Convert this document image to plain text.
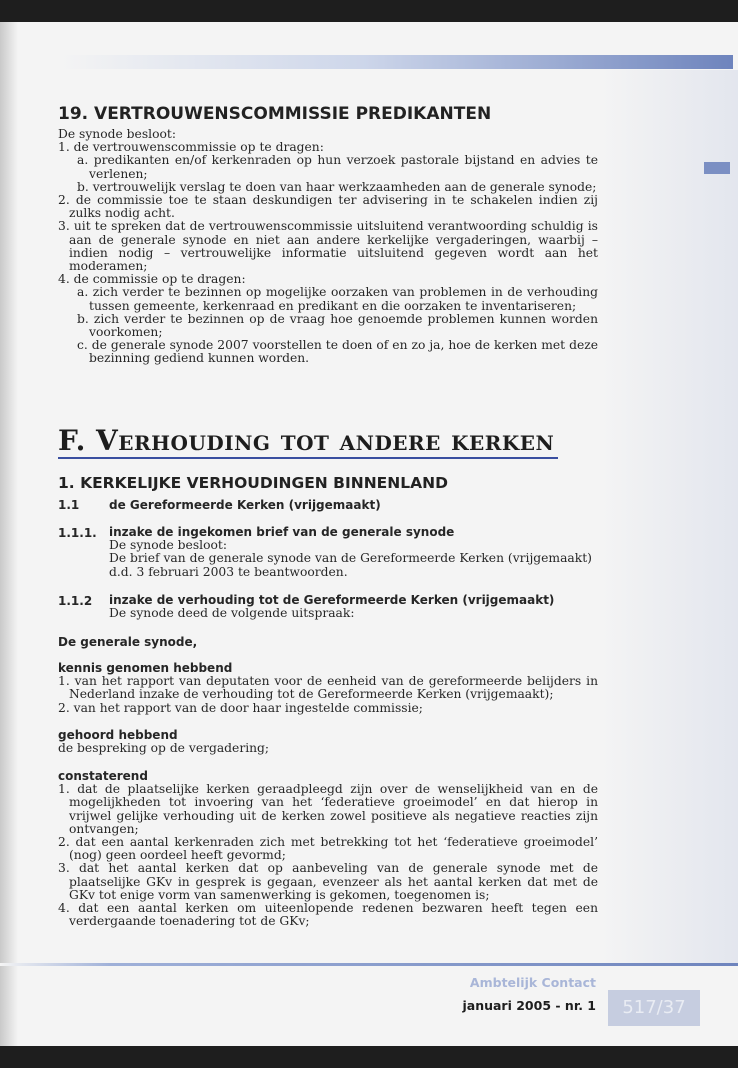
19. VERTROUWENSCOMMISSIE PREDIKANTEN

De synode besloot:

1. de vertrouwenscommissie op te dragen:

a. predikanten en/of kerkenraden op hun verzoek pastorale bijstand en advies te verlenen;

b. vertrouwelijk verslag te doen van haar werkzaamheden aan de generale synode;

2. de commissie toe te staan deskundigen ter advisering in te schakelen indien zij zulks nodig acht.

3. uit te spreken dat de vertrouwenscommissie uitsluitend verantwoording schuldig is aan de generale synode en niet aan andere kerkelijke vergaderingen, waarbij – indien nodig – vertrouwelijke informatie uitsluitend gegeven wordt aan het moderamen;

4. de commissie op te dragen:

a. zich verder te bezinnen op mogelijke oorzaken van problemen in de verhouding tussen gemeente, kerkenraad en predikant en die oorzaken te inventariseren;

b. zich verder te bezinnen op de vraag hoe genoemde problemen kunnen worden voorkomen;

c. de generale synode 2007 voorstellen te doen of en zo ja, hoe de kerken met deze bezinning gediend kunnen worden.

F. Verhouding tot andere kerken
1. KERKELIJKE VERHOUDINGEN BINNENLAND
1.1 de Gereformeerde Kerken (vrijgemaakt)
1.1.1. inzake de ingekomen brief van de generale synode

De synode besloot:

De brief van de generale synode van de Gereformeerde Kerken (vrijgemaakt) d.d. 3 februari 2003 te beantwoorden.

1.1.2 inzake de verhouding tot de Gereformeerde Kerken (vrijgemaakt)

De synode deed de volgende uitspraak:

De generale synode,

kennis genomen hebbend

1. van het rapport van deputaten voor de eenheid van de gereformeerde belijders in Nederland inzake de verhouding tot de Gereformeerde Kerken (vrijgemaakt);

2. van het rapport van de door haar ingestelde commissie;

gehoord hebbend

de bespreking op de vergadering;

constaterend

1. dat de plaatselijke kerken geraadpleegd zijn over de wenselijkheid van en de mogelijkheden tot invoering van het ‘federatieve groeimodel’ en dat hierop in vrijwel gelijke verhouding uit de kerken zowel positieve als negatieve reacties zijn ontvangen;

2. dat een aantal kerkenraden zich met betrekking tot het ‘federatieve groeimodel’ (nog) geen oordeel heeft gevormd;

3. dat het aantal kerken dat op aanbeveling van de generale synode met de plaatselijke GKv in gesprek is gegaan, evenzeer als het aantal kerken dat met de GKv tot enige vorm van samenwerking is gekomen, toegenomen is;

4. dat een aantal kerken om uiteenlopende redenen bezwaren heeft tegen een verdergaande toenadering tot de GKv;

Ambtelijk Contact
januari 2005 - nr. 1	517/37
